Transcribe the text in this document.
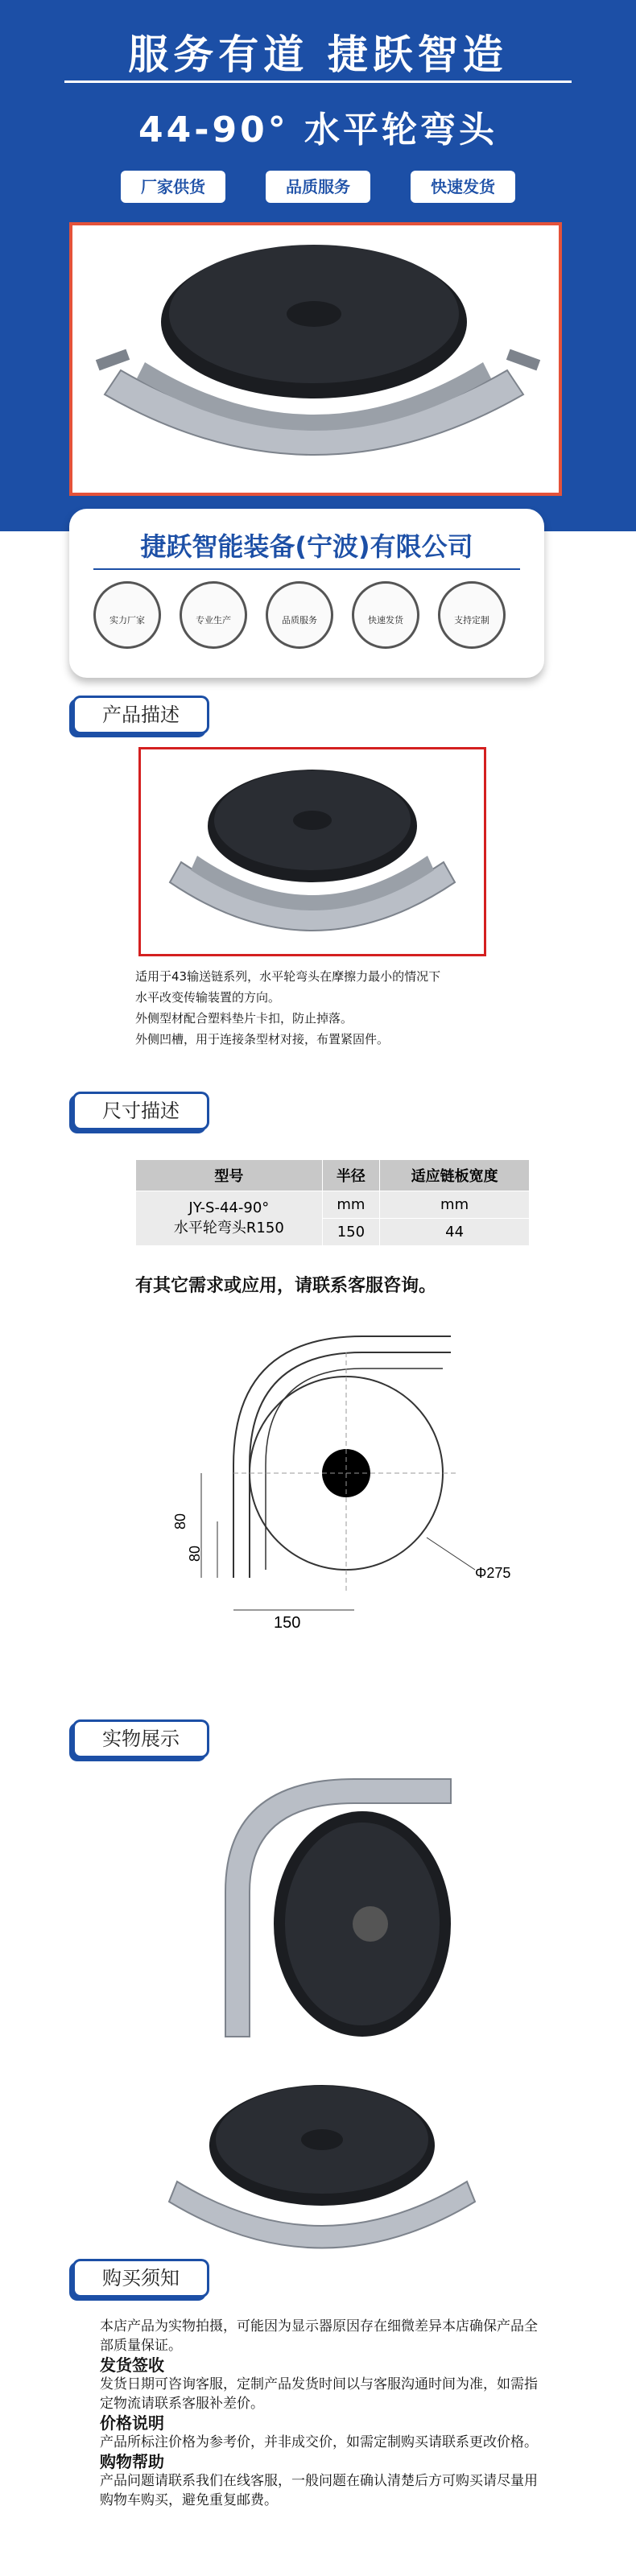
服务有道 捷跃智造
44-90° 水平轮弯头
厂家供货	品质服务	快速发货
捷跃智能装备(宁波)有限公司
实力厂家	专业生产	品质服务	快速发货	支持定制
产品描述
适用于43输送链系列，水平轮弯头在摩擦力最小的情况下
水平改变传输装置的方向。
外侧型材配合塑料垫片卡扣，防止掉落。
外侧凹槽，用于连接条型材对接，布置紧固件。
尺寸描述
型号	半径	适应链板宽度
JY-S-44-90°
水平轮弯头R150	mm	mm
	150	44
有其它需求或应用，请联系客服咨询。
80
80
150
Φ275
实物展示
购买须知
本店产品为实物拍摄，可能因为显示器原因存在细微差异本店确保产品全部质量保证。
发货签收
发货日期可咨询客服，定制产品发货时间以与客服沟通时间为准，如需指定物流请联系客服补差价。
价格说明
产品所标注价格为参考价，并非成交价，如需定制购买请联系更改价格。
购物帮助
产品问题请联系我们在线客服，一般问题在确认清楚后方可购买请尽量用购物车购买，避免重复邮费。
